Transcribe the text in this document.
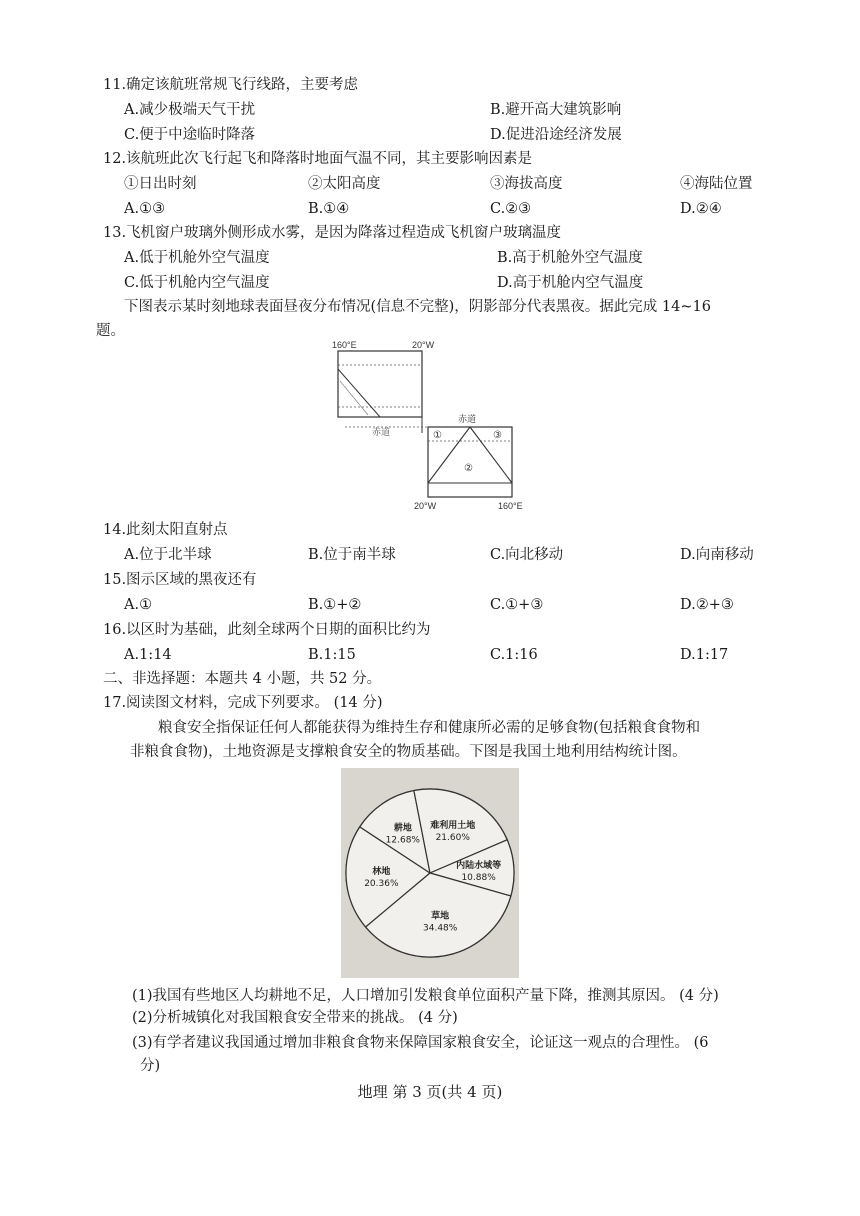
11.确定该航班常规飞行线路，主要考虑
A.减少极端天气干扰	B.避开高大建筑影响
C.便于中途临时降落	D.促进沿途经济发展
12.该航班此次飞行起飞和降落时地面气温不同，其主要影响因素是
①日出时刻	②太阳高度	③海拔高度	④海陆位置
A.①③	B.①④	C.②③	D.②④
13.飞机窗户玻璃外侧形成水雾，是因为降落过程造成飞机窗户玻璃温度
A.低于机舱外空气温度	B.高于机舱外空气温度
C.低于机舱内空气温度	D.高于机舱内空气温度
下图表示某时刻地球表面昼夜分布情况(信息不完整)，阴影部分代表黑夜。据此完成 14~16
题。
160°E	20°W
赤道
赤道
①
②
③
20°W	160°E
14.此刻太阳直射点
A.位于北半球	B.位于南半球	C.向北移动	D.向南移动
15.图示区域的黑夜还有
A.①	B.①+②	C.①+③	D.②+③
16.以区时为基础，此刻全球两个日期的面积比约为
A.1:14	B.1:15	C.1:16	D.1:17
二、非选择题：本题共 4 小题，共 52 分。
17.阅读图文材料，完成下列要求。 (14 分)
粮食安全指保证任何人都能获得为维持生存和健康所必需的足够食物(包括粮食食物和
非粮食食物)，土地资源是支撑粮食安全的物质基础。下图是我国土地利用结构统计图。
林地
20.36%
耕地
12.68%
难利用土地
21.60%
内陆水域等
10.88%
草地
34.48%
(1)我国有些地区人均耕地不足，人口增加引发粮食单位面积产量下降，推测其原因。 (4 分)
(2)分析城镇化对我国粮食安全带来的挑战。 (4 分)
(3)有学者建议我国通过增加非粮食食物来保障国家粮食安全，论证这一观点的合理性。 (6
分)
地理 第 3 页(共 4 页)
